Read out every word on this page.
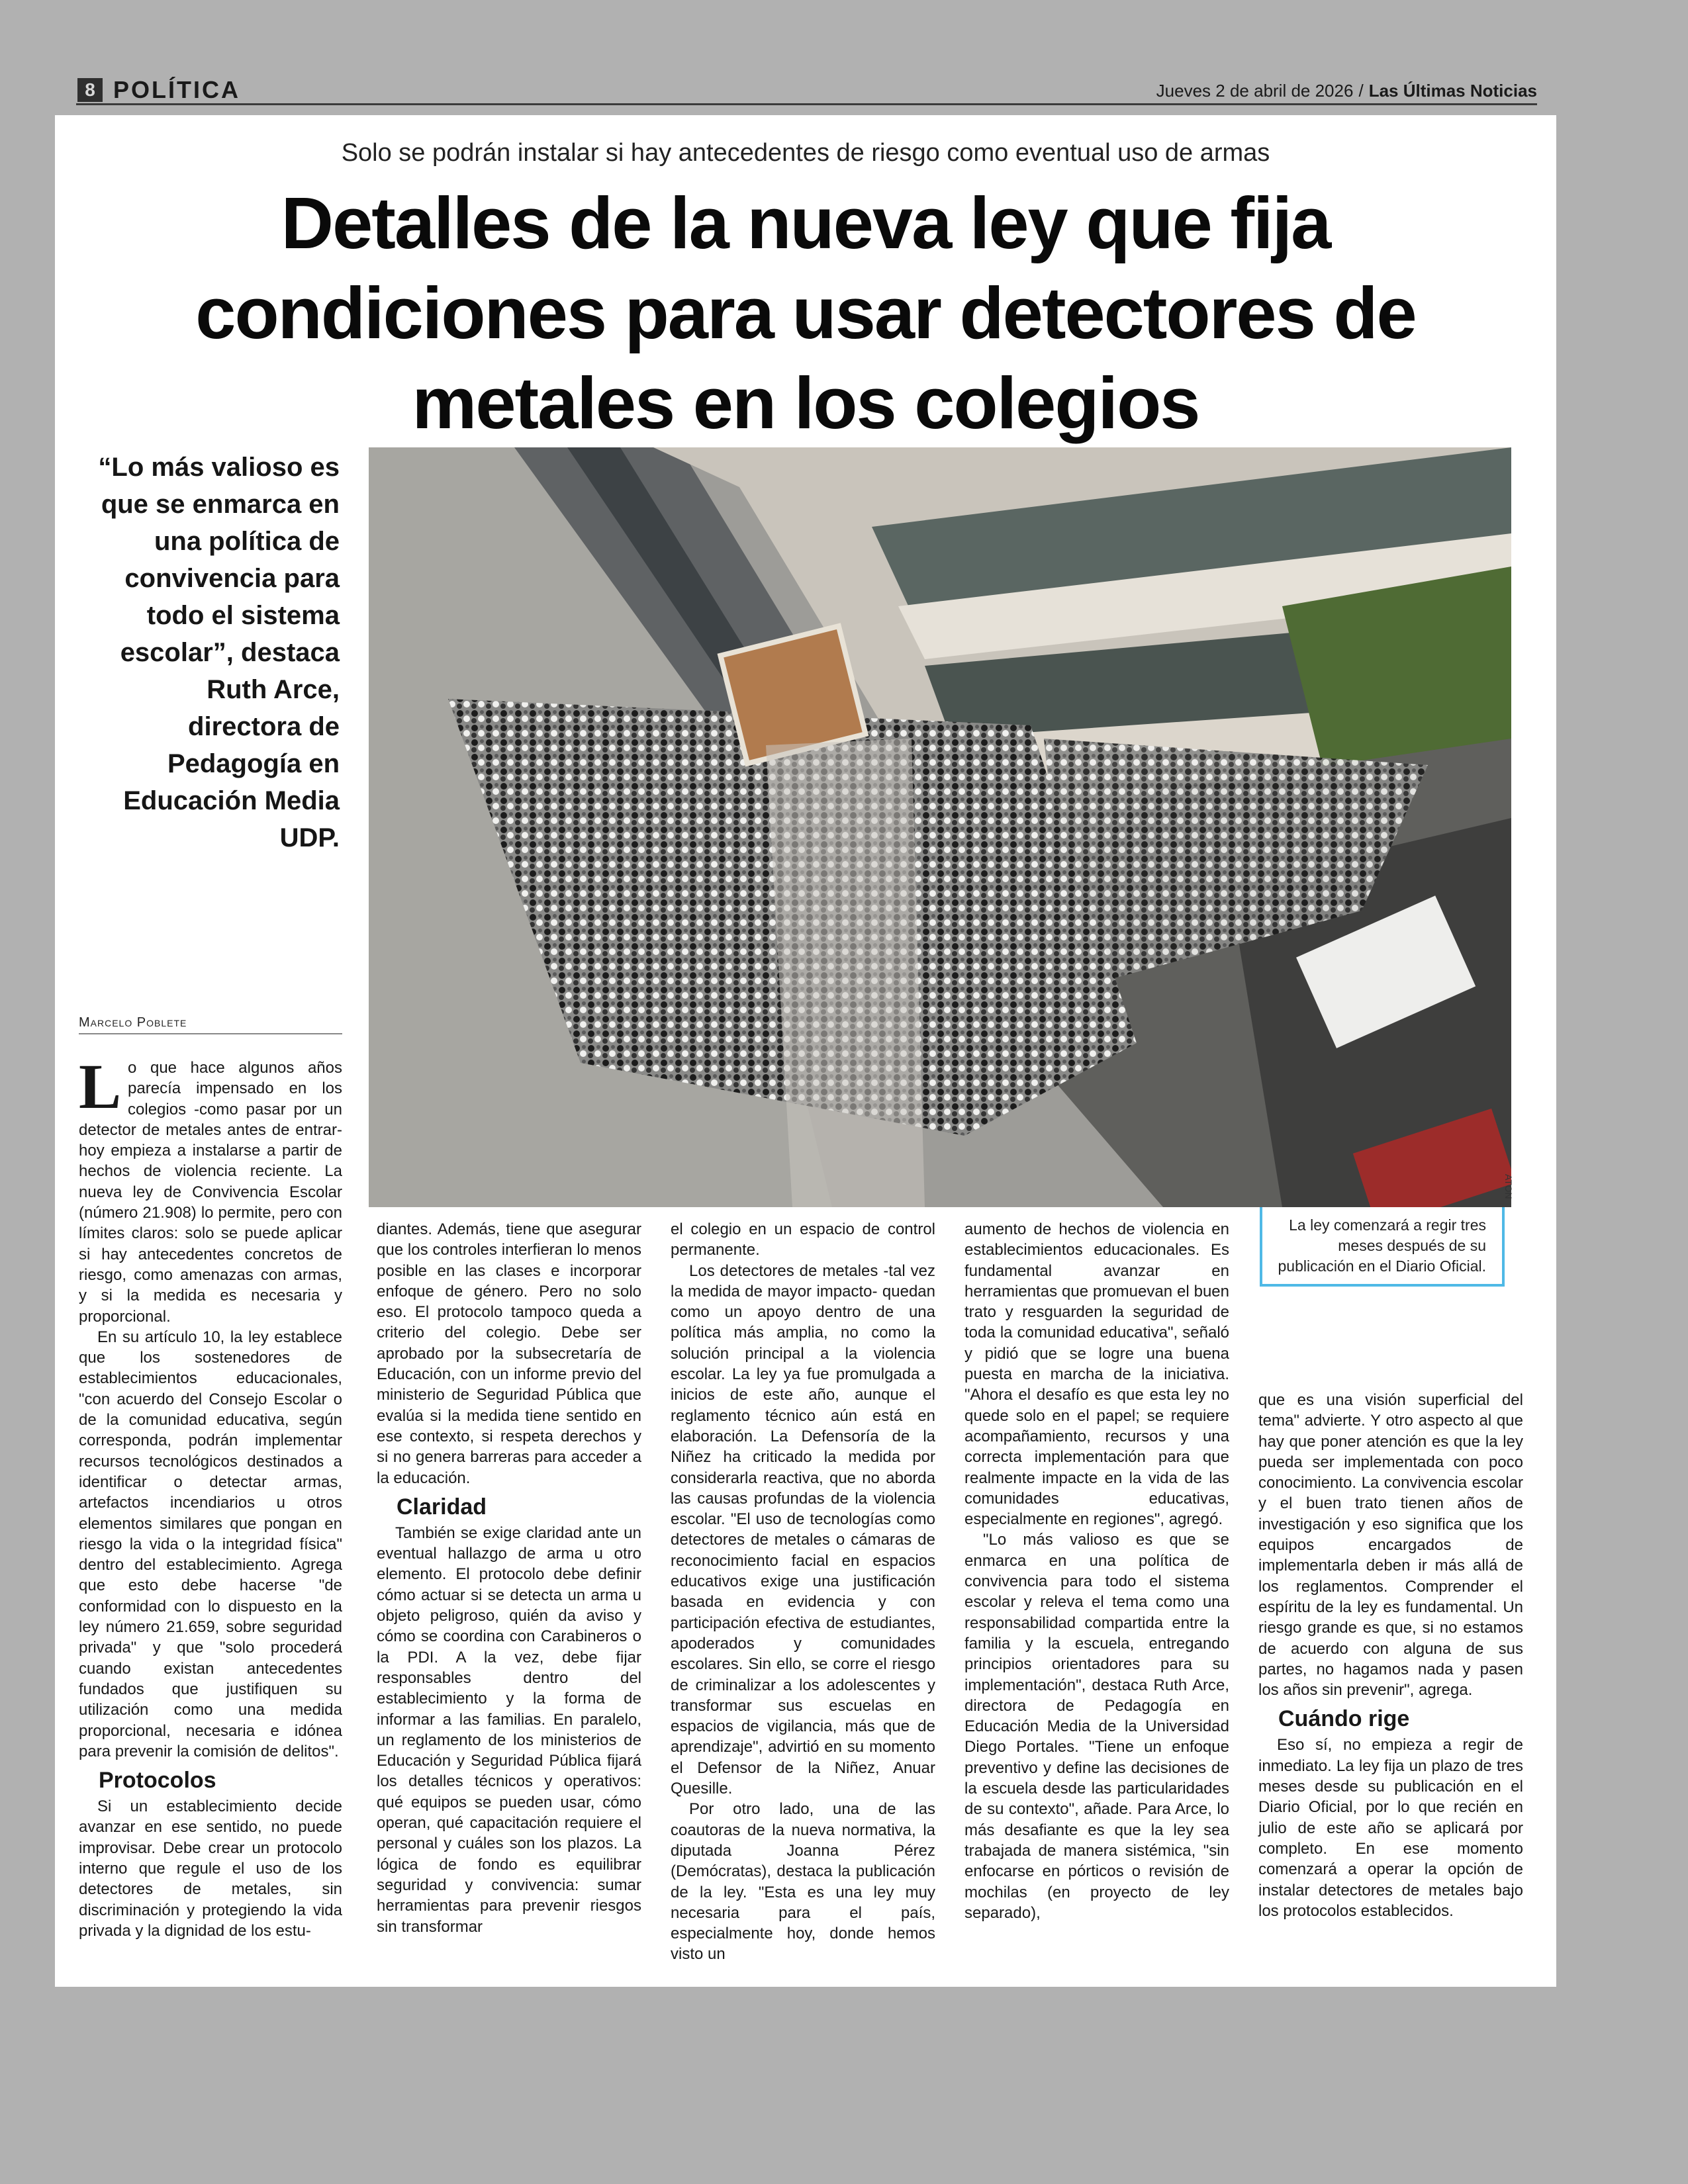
8 POLÍTICA	Jueves 2 de abril de 2026 / Las Últimas Noticias
Solo se podrán instalar si hay antecedentes de riesgo como eventual uso de armas
Detalles de la nueva ley que fija
condiciones para usar detectores de
metales en los colegios
“Lo más valioso es que se enmarca en una política de convivencia para todo el sistema escolar”, destaca Ruth Arce, directora de Pedagogía en Educación Media UDP.
ATON
La ley comenzará a regir tres meses después de su publicación en el Diario Oficial.
Marcelo Poblete

Lo que hace algunos años parecía impensado en los colegios -como pasar por un detector de metales antes de entrar- hoy empieza a instalarse a partir de hechos de violencia reciente. La nueva ley de Convivencia Escolar (número 21.908) lo permite, pero con límites claros: solo se puede aplicar si hay antecedentes concretos de riesgo, como amenazas con armas, y si la medida es necesaria y proporcional.

En su artículo 10, la ley establece que los sostenedores de establecimientos educacionales, "con acuerdo del Consejo Escolar o de la comunidad educativa, según corresponda, podrán implementar recursos tecnológicos destinados a identificar o detectar armas, artefactos incendiarios u otros elementos similares que pongan en riesgo la vida o la integridad física" dentro del establecimiento. Agrega que esto debe hacerse "de conformidad con lo dispuesto en la ley número 21.659, sobre seguridad privada" y que "solo procederá cuando existan antecedentes fundados que justifiquen su utilización como una medida proporcional, necesaria e idónea para prevenir la comisión de delitos".

Protocolos

Si un establecimiento decide avanzar en ese sentido, no puede improvisar. Debe crear un protocolo interno que regule el uso de los detectores de metales, sin discriminación y protegiendo la vida privada y la dignidad de los estu-

diantes. Además, tiene que asegurar que los controles interfieran lo menos posible en las clases e incorporar enfoque de género. Pero no solo eso. El protocolo tampoco queda a criterio del colegio. Debe ser aprobado por la subsecretaría de Educación, con un informe previo del ministerio de Seguridad Pública que evalúa si la medida tiene sentido en ese contexto, si respeta derechos y si no genera barreras para acceder a la educación.

Claridad

También se exige claridad ante un eventual hallazgo de arma u otro elemento. El protocolo debe definir cómo actuar si se detecta un arma u objeto peligroso, quién da aviso y cómo se coordina con Carabineros o la PDI. A la vez, debe fijar responsables dentro del establecimiento y la forma de informar a las familias. En paralelo, un reglamento de los ministerios de Educación y Seguridad Pública fijará los detalles técnicos y operativos: qué equipos se pueden usar, cómo operan, qué capacitación requiere el personal y cuáles son los plazos. La lógica de fondo es equilibrar seguridad y convivencia: sumar herramientas para prevenir riesgos sin transformar

el colegio en un espacio de control permanente.

Los detectores de metales -tal vez la medida de mayor impacto- quedan como un apoyo dentro de una política más amplia, no como la solución principal a la violencia escolar. La ley ya fue promulgada a inicios de este año, aunque el reglamento técnico aún está en elaboración. La Defensoría de la Niñez ha criticado la medida por considerarla reactiva, que no aborda las causas profundas de la violencia escolar. "El uso de tecnologías como detectores de metales o cámaras de reconocimiento facial en espacios educativos exige una justificación basada en evidencia y con participación efectiva de estudiantes, apoderados y comunidades escolares. Sin ello, se corre el riesgo de criminalizar a los adolescentes y transformar sus escuelas en espacios de vigilancia, más que de aprendizaje", advirtió en su momento el Defensor de la Niñez, Anuar Quesille.

Por otro lado, una de las coautoras de la nueva normativa, la diputada Joanna Pérez (Demócratas), destaca la publicación de la ley. "Esta es una ley muy necesaria para el país, especialmente hoy, donde hemos visto un

aumento de hechos de violencia en establecimientos educacionales. Es fundamental avanzar en herramientas que promuevan el buen trato y resguarden la seguridad de toda la comunidad educativa", señaló y pidió que se logre una buena puesta en marcha de la iniciativa. "Ahora el desafío es que esta ley no quede solo en el papel; se requiere acompañamiento, recursos y una correcta implementación para que realmente impacte en la vida de las comunidades educativas, especialmente en regiones", agregó.

"Lo más valioso es que se enmarca en una política de convivencia para todo el sistema escolar y releva el tema como una responsabilidad compartida entre la familia y la escuela, entregando principios orientadores para su implementación", destaca Ruth Arce, directora de Pedagogía en Educación Media de la Universidad Diego Portales. "Tiene un enfoque preventivo y define las decisiones de la escuela desde las particularidades de su contexto", añade. Para Arce, lo más desafiante es que la ley sea trabajada de manera sistémica, "sin enfocarse en pórticos o revisión de mochilas (en proyecto de ley separado),

que es una visión superficial del tema" advierte. Y otro aspecto al que hay que poner atención es que la ley pueda ser implementada con poco conocimiento. La convivencia escolar y el buen trato tienen años de investigación y eso significa que los equipos encargados de implementarla deben ir más allá de los reglamentos. Comprender el espíritu de la ley es fundamental. Un riesgo grande es que, si no estamos de acuerdo con alguna de sus partes, no hagamos nada y pasen los años sin prevenir", agrega.

Cuándo rige

Eso sí, no empieza a regir de inmediato. La ley fija un plazo de tres meses desde su publicación en el Diario Oficial, por lo que recién en julio de este año se aplicará por completo. En ese momento comenzará a operar la opción de instalar detectores de metales bajo los protocolos establecidos.
